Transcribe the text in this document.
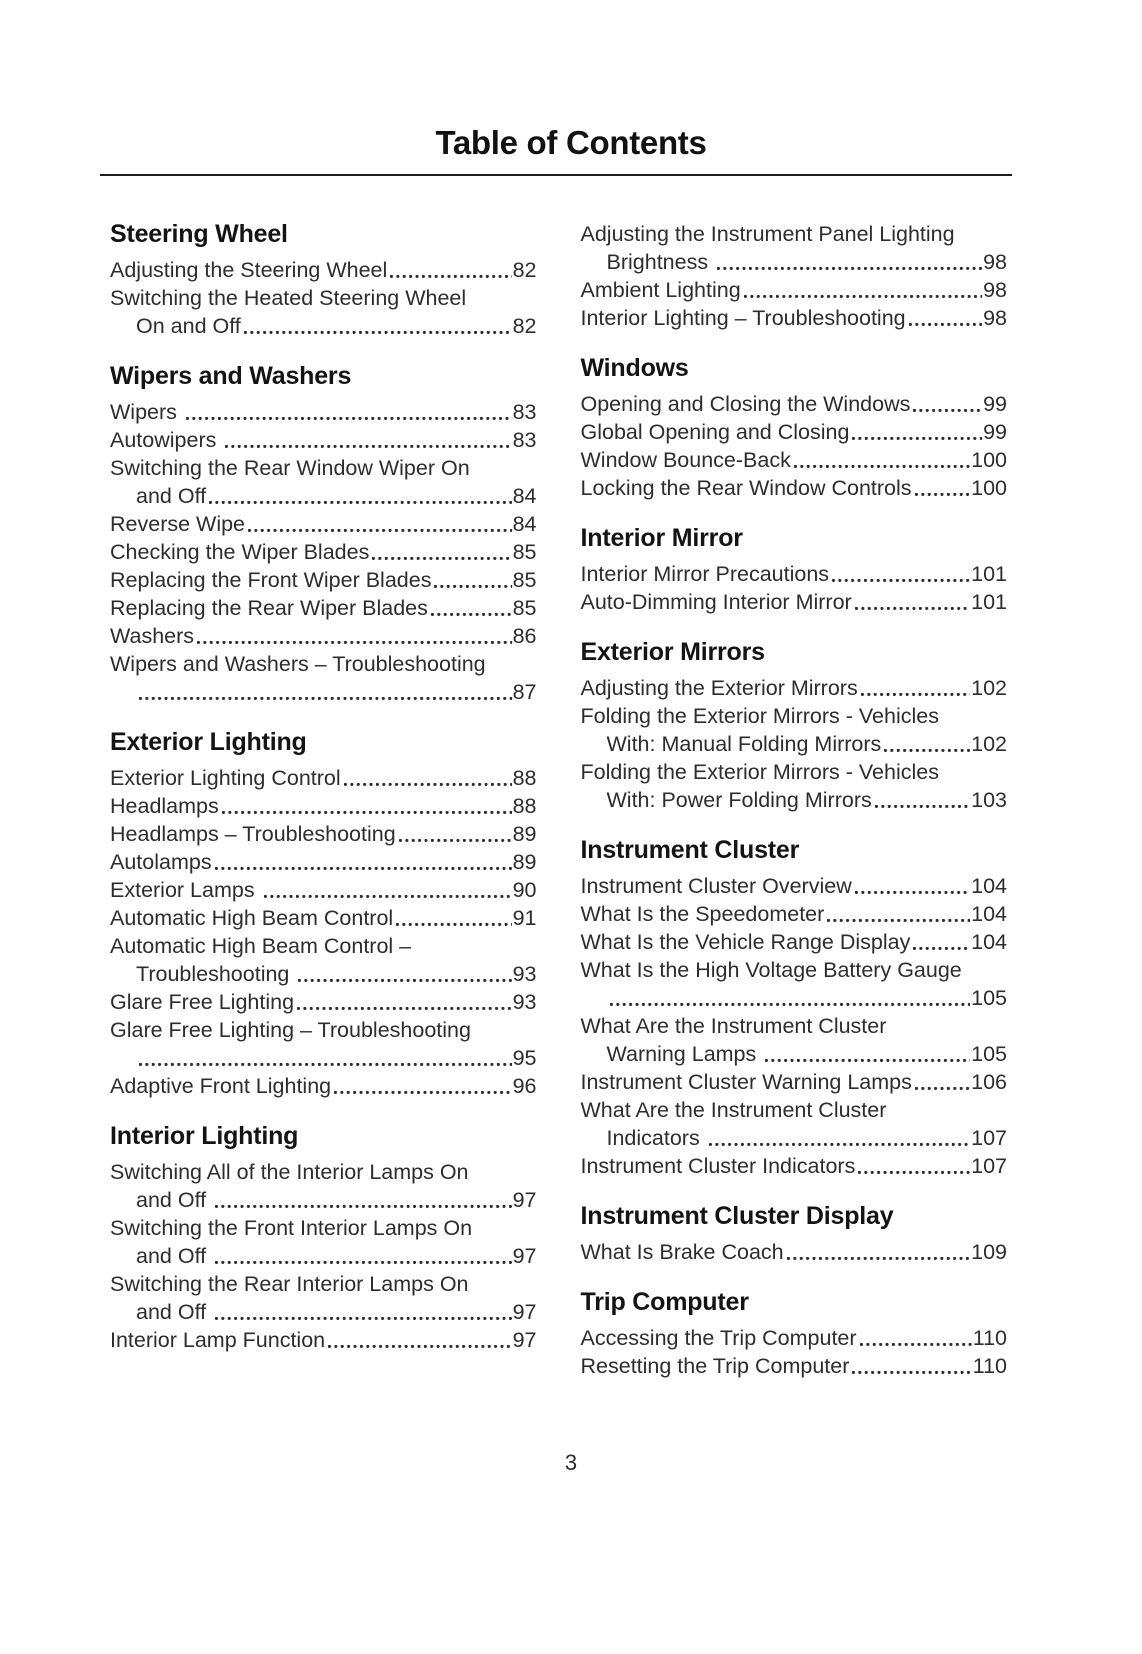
Table of Contents
Steering Wheel
Adjusting the Steering Wheel	82
Switching the Heated Steering Wheel
On and Off	82
Wipers and Washers
Wipers	83
Autowipers	83
Switching the Rear Window Wiper On
and Off	84
Reverse Wipe	84
Checking the Wiper Blades	85
Replacing the Front Wiper Blades	85
Replacing the Rear Wiper Blades	85
Washers	86
Wipers and Washers – Troubleshooting
87
Exterior Lighting
Exterior Lighting Control	88
Headlamps	88
Headlamps – Troubleshooting	89
Autolamps	89
Exterior Lamps	90
Automatic High Beam Control	91
Automatic High Beam Control –
Troubleshooting	93
Glare Free Lighting	93
Glare Free Lighting – Troubleshooting
95
Adaptive Front Lighting	96
Interior Lighting
Switching All of the Interior Lamps On
and Off	97
Switching the Front Interior Lamps On
and Off	97
Switching the Rear Interior Lamps On
and Off	97
Interior Lamp Function	97
Adjusting the Instrument Panel Lighting
Brightness	98
Ambient Lighting	98
Interior Lighting – Troubleshooting	98
Windows
Opening and Closing the Windows	99
Global Opening and Closing	99
Window Bounce-Back	100
Locking the Rear Window Controls	100
Interior Mirror
Interior Mirror Precautions	101
Auto-Dimming Interior Mirror	101
Exterior Mirrors
Adjusting the Exterior Mirrors	102
Folding the Exterior Mirrors - Vehicles
With: Manual Folding Mirrors	102
Folding the Exterior Mirrors - Vehicles
With: Power Folding Mirrors	103
Instrument Cluster
Instrument Cluster Overview	104
What Is the Speedometer	104
What Is the Vehicle Range Display	104
What Is the High Voltage Battery Gauge
105
What Are the Instrument Cluster
Warning Lamps	105
Instrument Cluster Warning Lamps	106
What Are the Instrument Cluster
Indicators	107
Instrument Cluster Indicators	107
Instrument Cluster Display
What Is Brake Coach	109
Trip Computer
Accessing the Trip Computer	110
Resetting the Trip Computer	110
3
